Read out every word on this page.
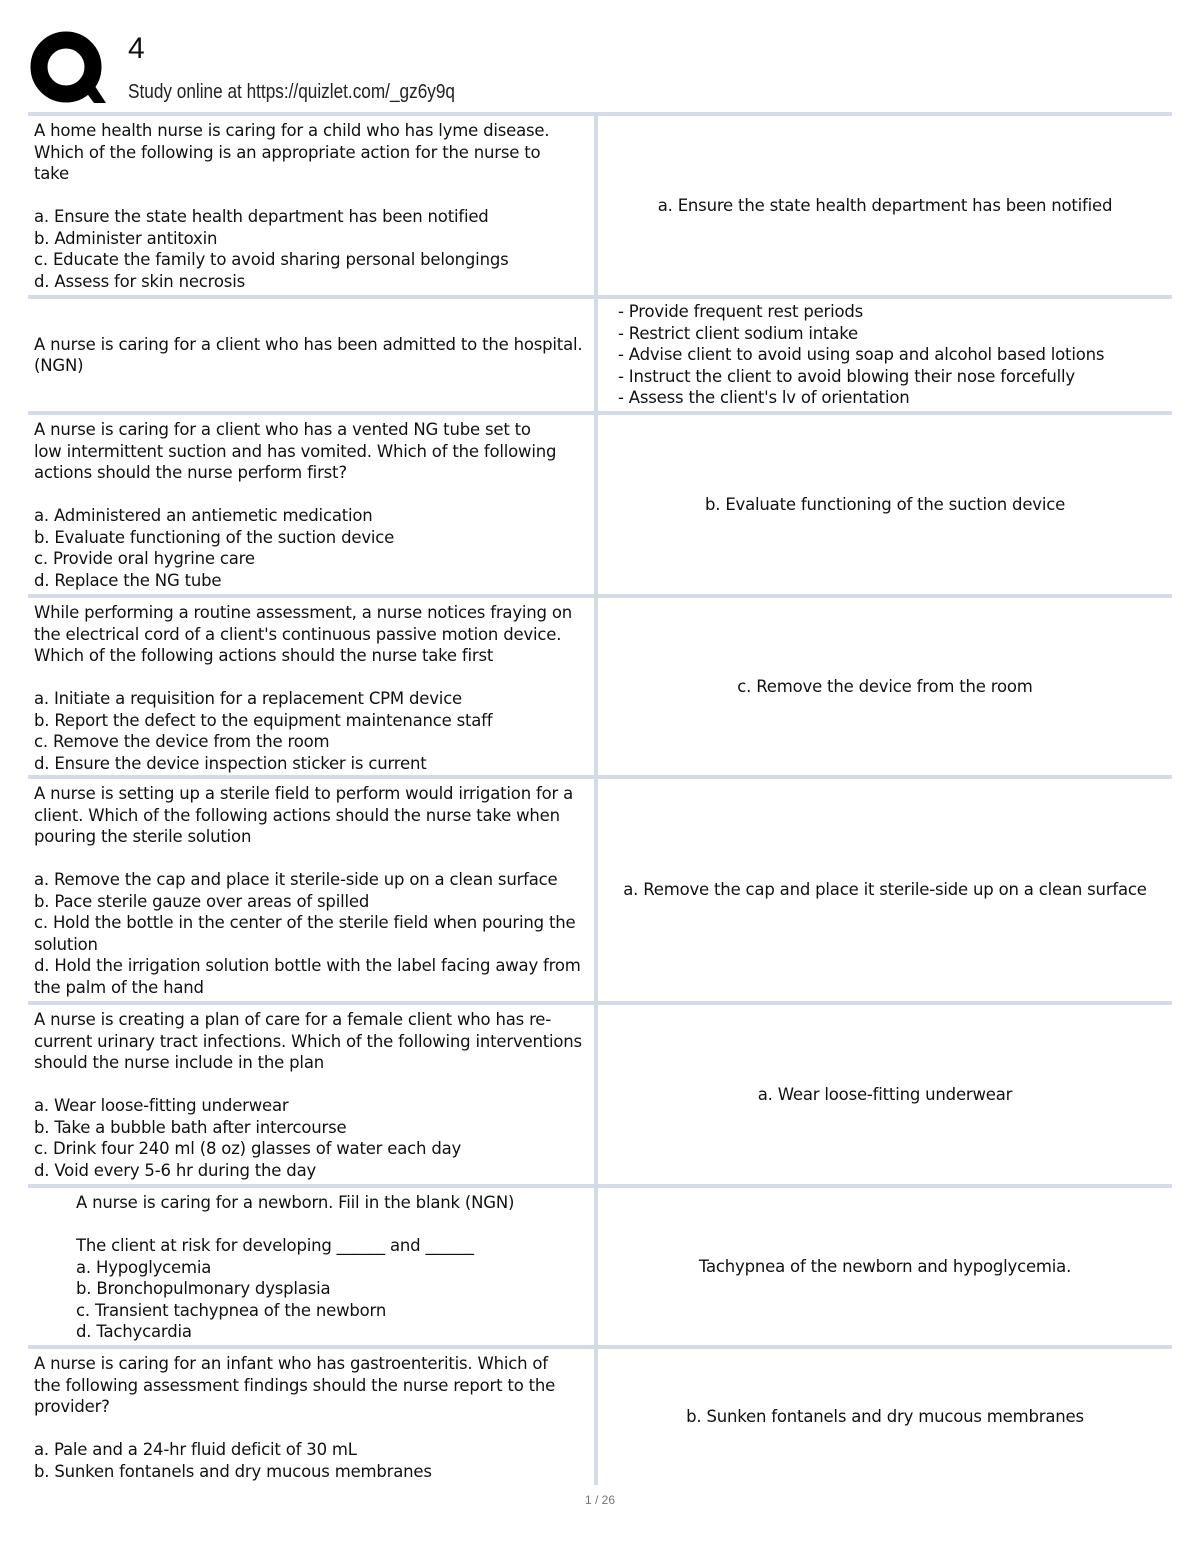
4
Study online at https://quizlet.com/_gz6y9q

A home health nurse is caring for a child who has lyme disease.

Which of the following is an appropriate action for the nurse to

take

a. Ensure the state health department has been notified

b. Administer antitoxin

c. Educate the family to avoid sharing personal belongings

d. Assess for skin necrosis

a. Ensure the state health department has been notified

A nurse is caring for a client who has been admitted to the hospital.

(NGN)

- Provide frequent rest periods
- Restrict client sodium intake
- Advise client to avoid using soap and alcohol based lotions
- Instruct the client to avoid blowing their nose forcefully
- Assess the client's lv of orientation

A nurse is caring for a client who has a vented NG tube set to

low intermittent suction and has vomited. Which of the following

actions should the nurse perform first?

a. Administered an antiemetic medication

b. Evaluate functioning of the suction device

c. Provide oral hygrine care

d. Replace the NG tube

b. Evaluate functioning of the suction device

While performing a routine assessment, a nurse notices fraying on

the electrical cord of a client's continuous passive motion device.

Which of the following actions should the nurse take first

a. Initiate a requisition for a replacement CPM device

b. Report the defect to the equipment maintenance staff

c. Remove the device from the room

d. Ensure the device inspection sticker is current

c. Remove the device from the room

A nurse is setting up a sterile field to perform would irrigation for a

client. Which of the following actions should the nurse take when

pouring the sterile solution

a. Remove the cap and place it sterile-side up on a clean surface

b. Pace sterile gauze over areas of spilled

c. Hold the bottle in the center of the sterile field when pouring the

solution

d. Hold the irrigation solution bottle with the label facing away from

the palm of the hand

a. Remove the cap and place it sterile-side up on a clean surface

A nurse is creating a plan of care for a female client who has re-

current urinary tract infections. Which of the following interventions

should the nurse include in the plan

a. Wear loose-fitting underwear

b. Take a bubble bath after intercourse

c. Drink four 240 ml (8 oz) glasses of water each day

d. Void every 5-6 hr during the day

a. Wear loose-fitting underwear

A nurse is caring for a newborn. Fiil in the blank (NGN)

The client at risk for developing ______ and ______

a. Hypoglycemia

b. Bronchopulmonary dysplasia

c. Transient tachypnea of the newborn

d. Tachycardia

Tachypnea of the newborn and hypoglycemia.

A nurse is caring for an infant who has gastroenteritis. Which of

the following assessment findings should the nurse report to the

provider?

a. Pale and a 24-hr fluid deficit of 30 mL

b. Sunken fontanels and dry mucous membranes

b. Sunken fontanels and dry mucous membranes
1 / 26
